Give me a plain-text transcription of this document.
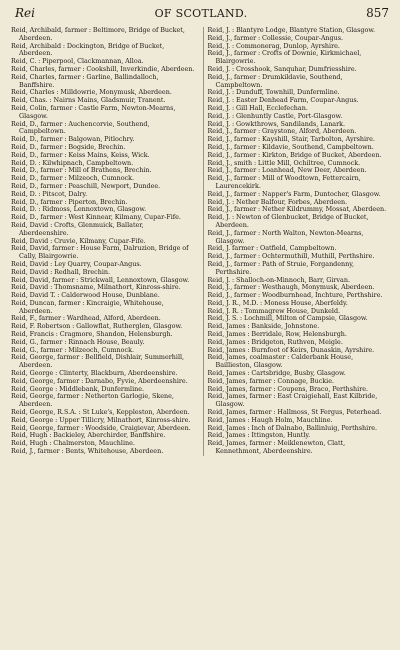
Rei	OF SCOTLAND.	857
Reid, Archibald, farmer : Beltimore, Bridge of Bucket, Aberdeen.
Reid, Archibald : Dockington, Bridge of Bucket, Aberdeen.
Reid, C. : Piperpool, Clackmannan, Alloa.
Reid, Charles, farmer : Cookshill, Inverkindie, Aberdeen.
Reid, Charles, farmer : Garline, Ballindalloch, Banffshire.
Reid, Charles : Milldowrie, Monymusk, Aberdeen.
Reid, Chas. : Nairns Mains, Gladsmuir, Tranent.
Reid, Colin, farmer : Castle Farm, Newton-Mearns, Glasgow.
Reid, D., farmer : Auchencorvie, Southend, Campbeltown.
Reid, D., farmer : Balgowan, Pitlochry.
Reid, D., farmer : Bogside, Brechin.
Reid, D., farmer : Keiss Mains, Keiss, Wick.
Reid, D. : Kilwhipnach, Campbeltown.
Reid, D., farmer : Mill of Brathens, Brechin.
Reid, D., farmer : Milzeoch, Cumnock.
Reid, D., farmer : Peaschill, Newport, Dundee.
Reid, D. : Pitscot, Dalry.
Reid, D., farmer : Piperton, Brechin.
Reid, D. : Ridmoss, Lennoxtown, Glasgow.
Reid, D., farmer : West Kinnear, Kilmany, Cupar-Fife.
Reid, David : Crofts, Glenmuick, Ballater, Aberdeenshire.
Reid, David : Cruvie, Kilmany, Cupar-Fife.
Reid, David, farmer : House Farm, Dalruzion, Bridge of Cally, Blairgowrie.
Reid, David : Ley Quarry, Coupar-Angus.
Reid, David : Redhall, Brechin.
Reid, David, farmer : Strickwall, Lennoxtown, Glasgow.
Reid, David : Thomsname, Milnathort, Kinross-shire.
Reid, David T. : Calderwood House, Dunblane.
Reid, Duncan, farmer : Kincraigie, Whitehouse, Aberdeen.
Reid, F., farmer : Wardhead, Alford, Aberdeen.
Reid, F. Robertson : Gallowflat, Rutherglen, Glasgow.
Reid, Francis : Cragmore, Shandon, Helensburgh.
Reid, G., farmer : Rinnach House, Beauly.
Reid, G., farmer : Milzeoch, Cumnock.
Reid, George, farmer : Bellfield, Dishlair, Summerhill, Aberdeen.
Reid, George : Clinterty, Blackburn, Aberdeenshire.
Reid, George, farmer : Darnabo, Fyvie, Aberdeenshire.
Reid, George : Middlebank, Dunfermline.
Reid, George, farmer : Netherton Garlogie, Skene, Aberdeen.
Reid, George, R.S.A. : St Luke's, Keppleston, Aberdeen.
Reid, George : Upper Tillicry, Milnathort, Kinross-shire.
Reid, George, farmer : Woodside, Craigievar, Aberdeen.
Reid, Hugh : Backieley, Aberchirder, Banffshire.
Reid, Hugh : Chalmerston, Mauchline.
Reid, J., farmer : Bents, Whitehouse, Aberdeen.
Reid, J. : Blantyre Lodge, Blantyre Station, Glasgow.
Reid, J., farmer : Collessie, Coupar-Angus.
Reid, J. : Commonerag, Dunlop, Ayrshire.
Reid, J., farmer : Crofts of Downie, Kirkmichael, Blairgowrie.
Reid, J. : Crosshook, Sanquhar, Dumfriesshire.
Reid, J., farmer : Drumkildavie, Southend, Campbeltown.
Reid, J. : Dunduff, Townhill, Dunfermline.
Reid, J. : Easter Denhead Farm, Coupar-Angus.
Reid, J. : Gill Hall, Ecclefechan.
Reid, J. : Glenhuntly Castle, Port-Glasgow.
Reid, J. : Gowkthrows, Sandilands, Lanark.
Reid, J., farmer : Graystone, Alford, Aberdeen.
Reid, J., farmer : Kayshill, Stair, Tarbolton, Ayrshire.
Reid, J., farmer : Kildavie, Southend, Campbeltown.
Reid, J., farmer : Kirkton, Bridge of Bucket, Aberdeen.
Reid, J., smith : Little Mill, Ochiltree, Cumnock.
Reid, J., farmer : Loanhead, New Deer, Aberdeen.
Reid, J., farmer : Mill of Woodtown, Fettercairn, Laurencekirk.
Reid, J., farmer : Napper's Farm, Duntocher, Glasgow.
Reid, J. : Nether Balfour, Forbes, Aberdeen.
Reid, J., farmer : Nether Kildrummy, Mossat, Aberdeen.
Reid, J. : Newton of Glenbucket, Bridge of Bucket, Aberdeen.
Reid, J., farmer : North Walton, Newton-Mearns, Glasgow.
Reid, J. farmer : Oatfield, Campbeltown.
Reid, J., farmer : Ochtermuthill, Muthill, Perthshire.
Reid, J., farmer : Path of Struie, Forgandenny, Perthshire.
Reid, J. : Shalloch-on-Minnoch, Barr, Girvan.
Reid, J., farmer : Westhaugh, Monymusk, Aberdeen.
Reid, J., farmer : Woodburnhead, Inchture, Perthshire.
Reid, J. R., M.D. : Moness House, Aberfeldy.
Reid, J. R. : Tommagrew House, Dunkeld.
Reid, J. S. : Lochmill, Milton of Campsie, Glasgow.
Reid, James : Bankside, Johnstone.
Reid, James : Berridale, Row, Helensburgh.
Reid, James : Bridgeton, Ruthven, Meigle.
Reid, James : Burnfoot of Keirs, Dunaskin, Ayrshire.
Reid, James, coalmaster : Calderbank House, Baillieston, Glasgow.
Reid, James : Cartsbridge, Busby, Glasgow.
Reid, James, farmer : Connage, Buckie.
Reid, James, farmer : Coupens, Braco, Perthshire.
Reid, James, farmer : East Craigiehall, East Kilbride, Glasgow.
Reid, James, farmer : Hallmoss, St Fergus, Peterhead.
Reid, James : Haugh Holm, Mauchline.
Reid, James : Inch of Dalnabo, Ballinluig, Perthshire.
Reid, James : Ittingston, Huntly.
Reid, James, farmer : Meiklenewton, Clatt, Kennethmont, Aberdeenshire.
